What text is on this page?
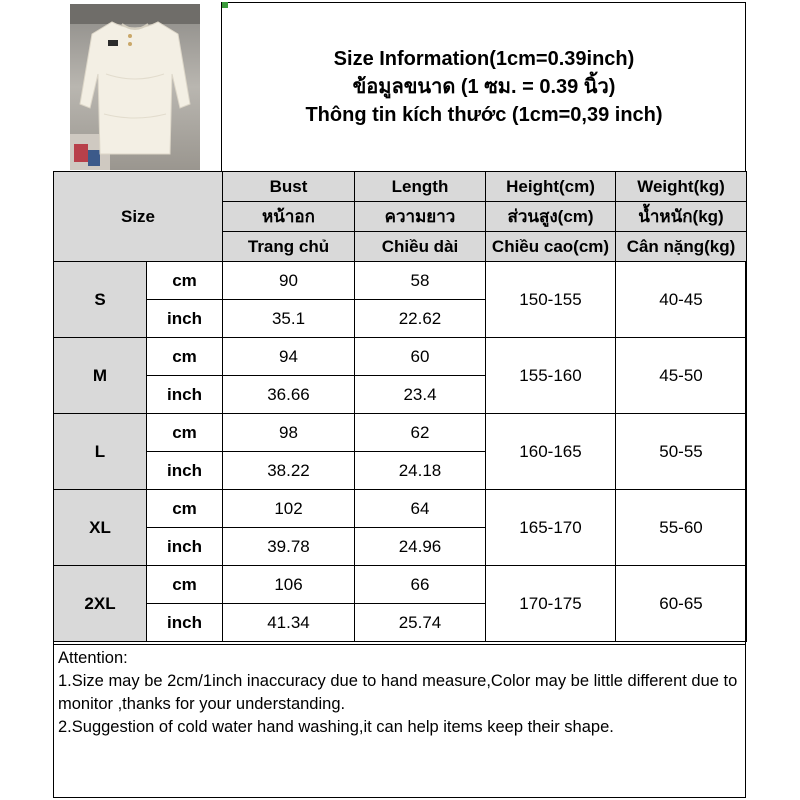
Size Information(1cm=0.39inch)
ข้อมูลขนาด (1 ซม. = 0.39 นิ้ว)
Thông tin kích thước (1cm=0,39 inch)
Size		Bust	Length	Height(cm)	Weight(kg)
		หน้าอก	ความยาว	ส่วนสูง(cm)	น้ำหนัก(kg)
		Trang chủ	Chiều dài	Chiều cao(cm)	Cân nặng(kg)
S	cm	90	58	150-155	40-45
	inch	35.1	22.62		
M	cm	94	60	155-160	45-50
	inch	36.66	23.4		
L	cm	98	62	160-165	50-55
	inch	38.22	24.18		
XL	cm	102	64	165-170	55-60
	inch	39.78	24.96		
2XL	cm	106	66	170-175	60-65
	inch	41.34	25.74		
Attention:
1.Size may be 2cm/1inch inaccuracy due to hand measure,Color may be little different due to monitor ,thanks for your understanding.
2.Suggestion of cold water hand washing,it can help items keep their shape.
